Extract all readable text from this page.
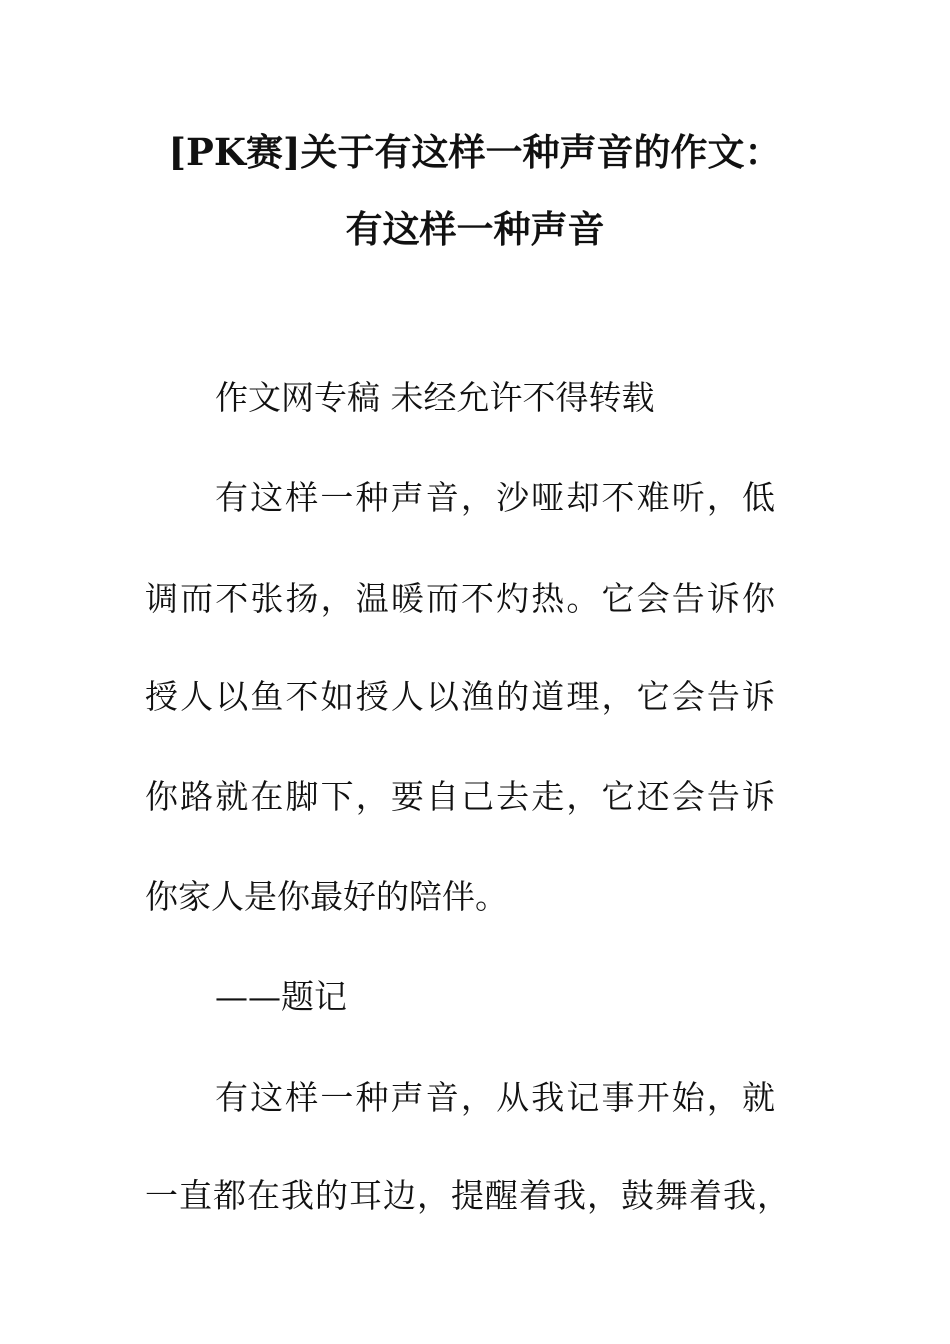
[PK赛]关于有这样一种声音的作文：
有这样一种声音
作文网专稿 未经允许不得转载
有这样一种声音，沙哑却不难听，低
调而不张扬，温暖而不灼热。它会告诉你
授人以鱼不如授人以渔的道理，它会告诉
你路就在脚下，要自己去走，它还会告诉
你家人是你最好的陪伴。
——题记
有这样一种声音，从我记事开始，就
一直都在我的耳边，提醒着我，鼓舞着我，
